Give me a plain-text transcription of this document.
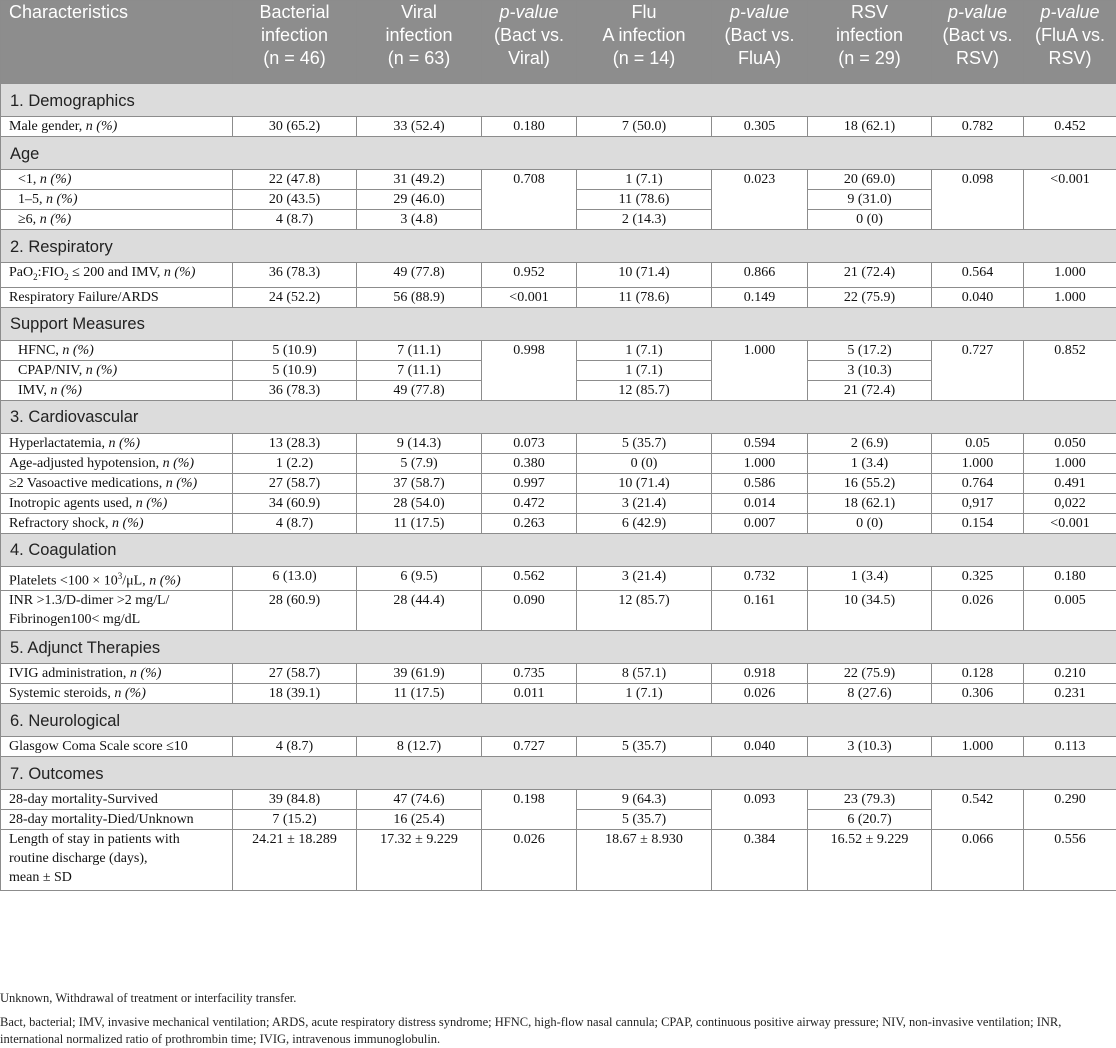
Characteristics	Bacterial
infection
(n = 46)	Viral
infection
(n = 63)	p-value
(Bact vs.
Viral)	Flu
A infection
(n = 14)	p-value
(Bact vs.
FluA)	RSV
infection
(n = 29)	p-value
(Bact vs.
RSV)	p-value
(FluA vs.
RSV)
1. Demographics								
Male gender, n (%)	30 (65.2)	33 (52.4)	0.180	7 (50.0)	0.305	18 (62.1)	0.782	0.452
Age								
<1, n (%)	22 (47.8)	31 (49.2)	0.708	1 (7.1)	0.023	20 (69.0)	0.098	<0.001
1–5, n (%)	20 (43.5)	29 (46.0)		11 (78.6)		9 (31.0)		
≥6, n (%)	4 (8.7)	3 (4.8)		2 (14.3)		0 (0)		
2. Respiratory								
$PaO_2:FIO_2 \le 200$ and IMV, n (%)	36 (78.3)	49 (77.8)	0.952	10 (71.4)	0.866	21 (72.4)	0.564	1.000
Respiratory Failure/ARDS	24 (52.2)	56 (88.9)	<0.001	11 (78.6)	0.149	22 (75.9)	0.040	1.000
Support Measures								
HFNC, n (%)	5 (10.9)	7 (11.1)	0.998	1 (7.1)	1.000	5 (17.2)	0.727	0.852
CPAP/NIV, n (%)	5 (10.9)	7 (11.1)		1 (7.1)		3 (10.3)		
IMV, n (%)	36 (78.3)	49 (77.8)		12 (85.7)		21 (72.4)		
3. Cardiovascular								
Hyperlactatemia, n (%)	13 (28.3)	9 (14.3)	0.073	5 (35.7)	0.594	2 (6.9)	0.05	0.050
Age-adjusted hypotension, n (%)	1 (2.2)	5 (7.9)	0.380	0 (0)	1.000	1 (3.4)	1.000	1.000
≥2 Vasoactive medications, n (%)	27 (58.7)	37 (58.7)	0.997	10 (71.4)	0.586	16 (55.2)	0.764	0.491
Inotropic agents used, n (%)	34 (60.9)	28 (54.0)	0.472	3 (21.4)	0.014	18 (62.1)	0,917	0,022
Refractory shock, n (%)	4 (8.7)	11 (17.5)	0.263	6 (42.9)	0.007	0 (0)	0.154	<0.001
4. Coagulation								
Platelets $<100 \times 10^3/\mu L$, n (%)	6 (13.0)	6 (9.5)	0.562	3 (21.4)	0.732	1 (3.4)	0.325	0.180
INR >1.3/D-dimer >2 mg/L/
Fibrinogen100< mg/dL	28 (60.9)	28 (44.4)	0.090	12 (85.7)	0.161	10 (34.5)	0.026	0.005
5. Adjunct Therapies								
IVIG administration, n (%)	27 (58.7)	39 (61.9)	0.735	8 (57.1)	0.918	22 (75.9)	0.128	0.210
Systemic steroids, n (%)	18 (39.1)	11 (17.5)	0.011	1 (7.1)	0.026	8 (27.6)	0.306	0.231
6. Neurological								
Glasgow Coma Scale score ≤10	4 (8.7)	8 (12.7)	0.727	5 (35.7)	0.040	3 (10.3)	1.000	0.113
7. Outcomes								
28-day mortality-Survived	39 (84.8)	47 (74.6)	0.198	9 (64.3)	0.093	23 (79.3)	0.542	0.290
28-day mortality-Died/Unknown	7 (15.2)	16 (25.4)		5 (35.7)		6 (20.7)		
Length of stay in patients with
routine discharge (days),
mean ± SD	24.21 ± 18.289	17.32 ± 9.229	0.026	18.67 ± 8.930	0.384	16.52 ± 9.229	0.066	0.556
Unknown, Withdrawal of treatment or interfacility transfer.
Bact, bacterial; IMV, invasive mechanical ventilation; ARDS, acute respiratory distress syndrome; HFNC, high-flow nasal cannula; CPAP, continuous positive airway pressure; NIV, non-invasive ventilation; INR, international normalized ratio of prothrombin time; IVIG, intravenous immunoglobulin.
